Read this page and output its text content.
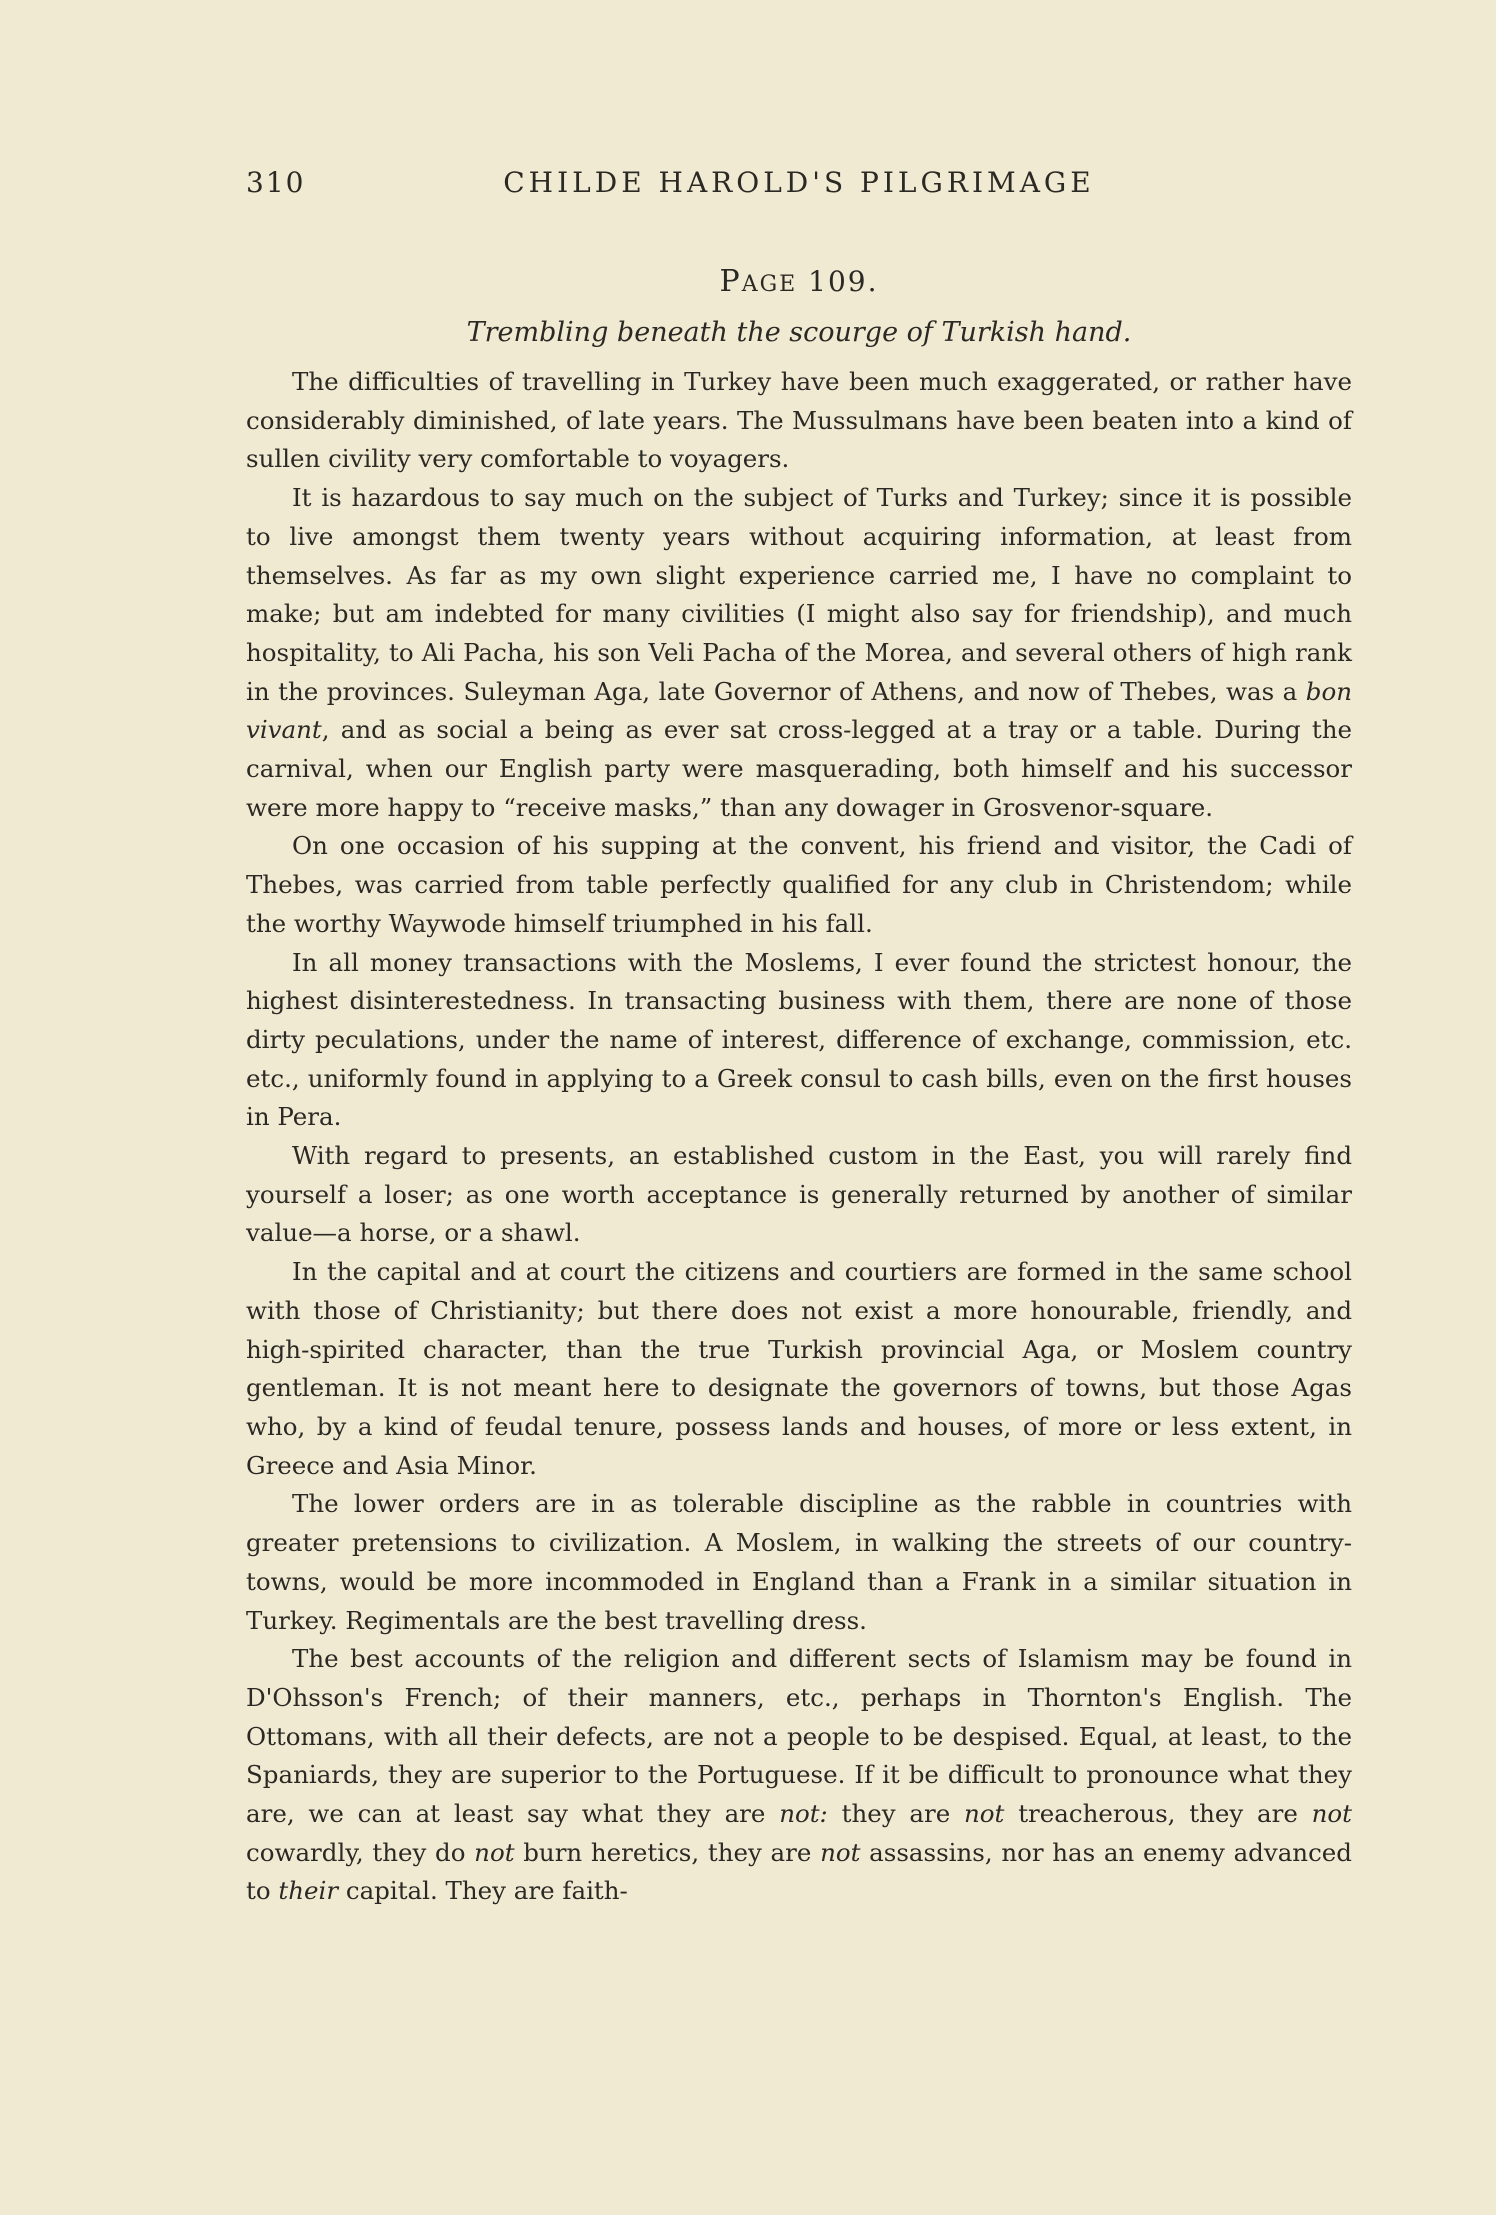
310	CHILDE HAROLD'S PILGRIMAGE
PAGE 109.
Trembling beneath the scourge of Turkish hand.

The difficulties of travelling in Turkey have been much exaggerated, or rather have considerably diminished, of late years. The Mussulmans have been beaten into a kind of sullen civility very comfortable to voyagers.

It is hazardous to say much on the subject of Turks and Turkey; since it is possible to live amongst them twenty years without acquiring information, at least from themselves. As far as my own slight experience carried me, I have no complaint to make; but am indebted for many civilities (I might also say for friendship), and much hospitality, to Ali Pacha, his son Veli Pacha of the Morea, and several others of high rank in the provinces. Suleyman Aga, late Governor of Athens, and now of Thebes, was a bon vivant, and as social a being as ever sat cross-legged at a tray or a table. During the carnival, when our English party were masquerading, both himself and his successor were more happy to “receive masks,” than any dowager in Grosvenor-square.

On one occasion of his supping at the convent, his friend and visitor, the Cadi of Thebes, was carried from table perfectly qualified for any club in Christendom; while the worthy Waywode himself triumphed in his fall.

In all money transactions with the Moslems, I ever found the strictest honour, the highest disinterestedness. In transacting business with them, there are none of those dirty peculations, under the name of interest, difference of exchange, commission, etc. etc., uniformly found in applying to a Greek consul to cash bills, even on the first houses in Pera.

With regard to presents, an established custom in the East, you will rarely find yourself a loser; as one worth acceptance is generally returned by another of similar value—a horse, or a shawl.

In the capital and at court the citizens and courtiers are formed in the same school with those of Christianity; but there does not exist a more honourable, friendly, and high-spirited character, than the true Turkish provincial Aga, or Moslem country gentleman. It is not meant here to designate the governors of towns, but those Agas who, by a kind of feudal tenure, possess lands and houses, of more or less extent, in Greece and Asia Minor.

The lower orders are in as tolerable discipline as the rabble in countries with greater pretensions to civilization. A Moslem, in walking the streets of our country-towns, would be more incommoded in England than a Frank in a similar situation in Turkey. Regimentals are the best travelling dress.

The best accounts of the religion and different sects of Islamism may be found in D'Ohsson's French; of their manners, etc., perhaps in Thornton's English. The Ottomans, with all their defects, are not a people to be despised. Equal, at least, to the Spaniards, they are superior to the Portuguese. If it be difficult to pronounce what they are, we can at least say what they are not: they are not treacherous, they are not cowardly, they do not burn heretics, they are not assassins, nor has an enemy advanced to their capital. They are faith-
